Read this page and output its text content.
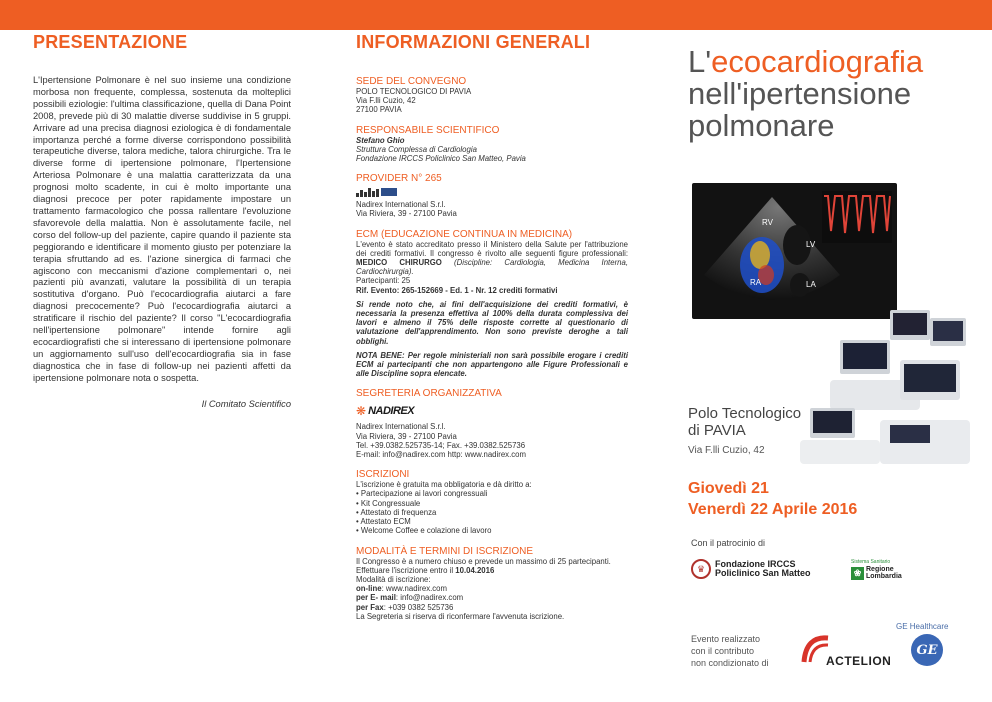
PRESENTAZIONE
L'Ipertensione Polmonare è nel suo insieme una condizione morbosa non frequente, complessa, sostenuta da molteplici possibili eziologie: l'ultima classificazione, quella di Dana Point 2008, prevede più di 30 malattie diverse suddivise in 5 gruppi. Arrivare ad una precisa diagnosi eziologica è di fondamentale importanza perché a forme diverse corrispondono possibilità terapeutiche diverse, talora mediche, talora chirurgiche. Tra le diverse forme di ipertensione polmonare, l'Ipertensione Arteriosa Polmonare è una malattia caratterizzata da una prognosi molto scadente, in cui è molto importante una diagnosi precoce per poter rapidamente impostare un trattamento farmacologico che possa rallentare l'evoluzione sfavorevole della malattia. Non è assolutamente facile, nel corso del follow-up del paziente, capire quando il paziente sta peggiorando e identificare il momento giusto per potenziare la terapia sfruttando ad es. l'azione sinergica di farmaci che agiscono con meccanismi d'azione complementari o, nei pazienti più avanzati, valutare la possibilità di un terapia sostitutiva d'organo. Può l'ecocardiografia aiutarci a fare diagnosi precocemente? Può l'ecocardiografia aiutarci a stratificare il rischio del paziente? Il corso "L'ecocardiografia nell'ipertensione polmonare" intende fornire agli ecocardiografisti che si interessano di ipertensione polmonare un aggiornamento sull'uso dell'ecocardiografia sia in fase diagnostica che in fase di follow-up nei pazienti affetti da ipertensione polmonare nota o sospetta.
Il Comitato Scientifico
INFORMAZIONI GENERALI
SEDE DEL CONVEGNO
POLO TECNOLOGICO DI PAVIA
Via F.lli Cuzio, 42
27100 PAVIA
RESPONSABILE SCIENTIFICO
Stefano Ghio
Struttura Complessa di Cardiologia
Fondazione IRCCS Policlinico San Matteo, Pavia
PROVIDER N° 265

Nadirex International S.r.l.
Via Riviera, 39 - 27100 Pavia
ECM (EDUCAZIONE CONTINUA IN MEDICINA)
L'evento è stato accreditato presso il Ministero della Salute per l'attribuzione dei crediti formativi. Il congresso è rivolto alle seguenti figure professionali: MEDICO CHIRURGO (Discipline: Cardiologia, Medicina Interna, Cardiochirurgia).
Partecipanti: 25
Rif. Evento: 265-152669 - Ed. 1 - Nr. 12 crediti formativi
Si rende noto che, ai fini dell'acquisizione dei crediti formativi, è necessaria la presenza effettiva al 100% della durata complessiva dei lavori e almeno il 75% delle risposte corrette al questionario di valutazione dell'apprendimento. Non sono previste deroghe a tali obblighi.
NOTA BENE: Per regole ministeriali non sarà possibile erogare i crediti ECM ai partecipanti che non appartengono alle Figure Professionali e alle Discipline sopra elencate.
SEGRETERIA ORGANIZZATIVA
❋ NADIREX
Nadirex International S.r.l.
Via Riviera, 39 - 27100 Pavia
Tel. +39.0382.525735-14; Fax. +39.0382.525736
E-mail: info@nadirex.com http: www.nadirex.com
ISCRIZIONI
L'iscrizione è gratuita ma obbligatoria e dà diritto a:
• Partecipazione ai lavori congressuali
• Kit Congressuale
• Attestato di frequenza
• Attestato ECM
• Welcome Coffee e colazione di lavoro
MODALITÀ E TERMINI DI ISCRIZIONE
Il Congresso è a numero chiuso e prevede un massimo di 25 partecipanti. Effettuare l'iscrizione entro il 10.04.2016
Modalità di iscrizione:
on-line: www.nadirex.com
per E- mail: info@nadirex.com
per Fax: +039 0382 525736
La Segreteria si riserva di riconfermare l'avvenuta iscrizione.
L'ecocardiografia
nell'ipertensione
polmonare
RV
LV
RA	LA
Polo Tecnologico
di PAVIA
Via F.lli Cuzio, 42
Giovedì 21
Venerdì 22 Aprile 2016
Con il patrocinio di
♛	Fondazione IRCCS
Policlinico San Matteo
Sistema Sanitario
❀ Regione
Lombardia
GE Healthcare
Evento realizzato
con il contributo
non condizionato di	ACTELION
GE
